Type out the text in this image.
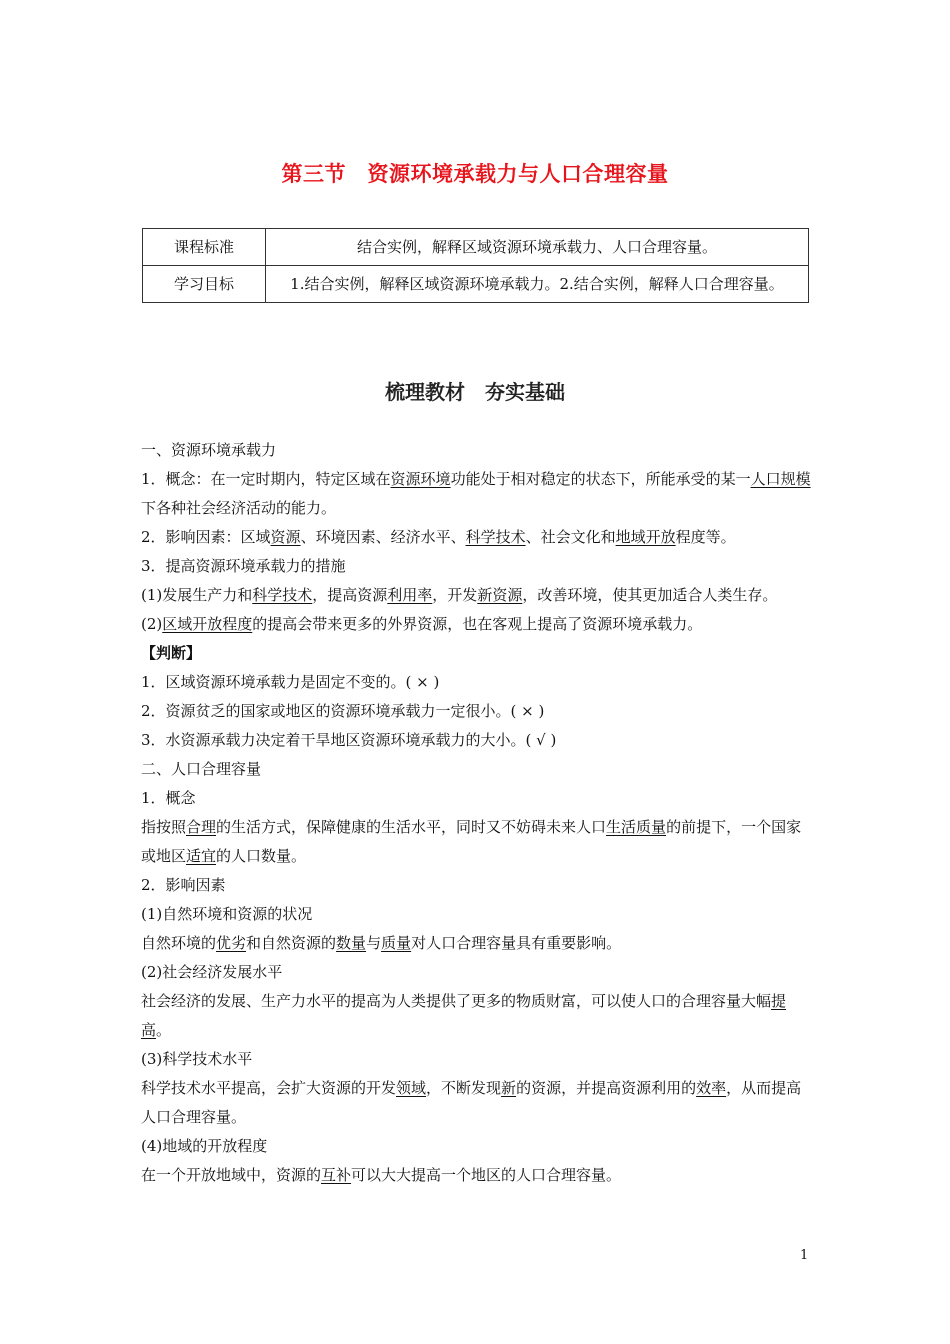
第三节　资源环境承载力与人口合理容量
课程标准	结合实例，解释区域资源环境承载力、人口合理容量。
学习目标	1.结合实例，解释区域资源环境承载力。2.结合实例，解释人口合理容量。
梳理教材　夯实基础

一、资源环境承载力

1．概念：在一定时期内，特定区域在资源环境功能处于相对稳定的状态下，所能承受的某一人口规模下各种社会经济活动的能力。

2．影响因素：区域资源、环境因素、经济水平、科学技术、社会文化和地域开放程度等。

3．提高资源环境承载力的措施

(1)发展生产力和科学技术，提高资源利用率，开发新资源，改善环境，使其更加适合人类生存。

(2)区域开放程度的提高会带来更多的外界资源，也在客观上提高了资源环境承载力。

【判断】

1．区域资源环境承载力是固定不变的。( × )

2．资源贫乏的国家或地区的资源环境承载力一定很小。( × )

3．水资源承载力决定着干旱地区资源环境承载力的大小。( √ )

二、人口合理容量

1．概念

指按照合理的生活方式，保障健康的生活水平，同时又不妨碍未来人口生活质量的前提下，一个国家或地区适宜的人口数量。

2．影响因素

(1)自然环境和资源的状况

自然环境的优劣和自然资源的数量与质量对人口合理容量具有重要影响。

(2)社会经济发展水平

社会经济的发展、生产力水平的提高为人类提供了更多的物质财富，可以使人口的合理容量大幅提高。

(3)科学技术水平

科学技术水平提高，会扩大资源的开发领域，不断发现新的资源，并提高资源利用的效率，从而提高人口合理容量。

(4)地域的开放程度

在一个开放地域中，资源的互补可以大大提高一个地区的人口合理容量。

1
